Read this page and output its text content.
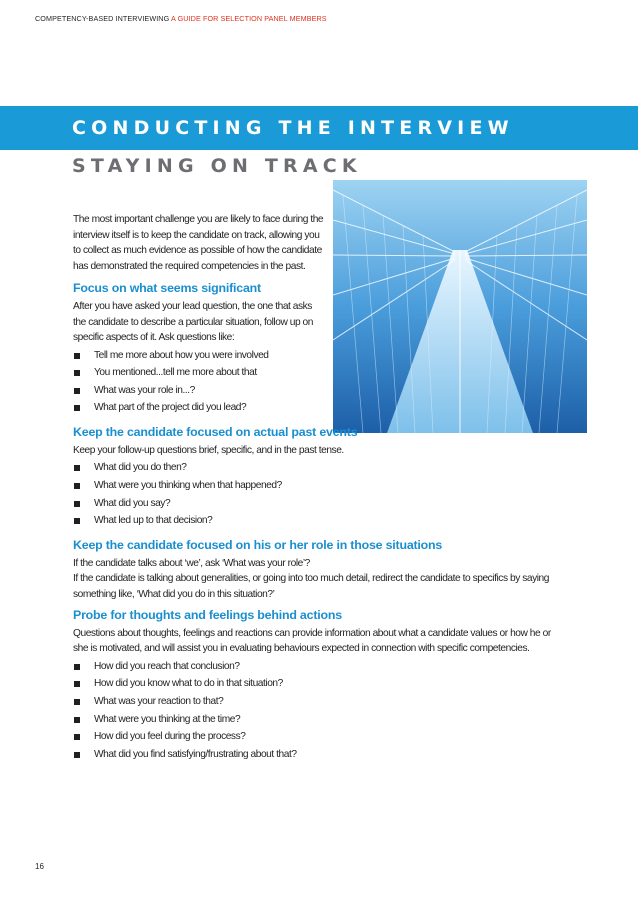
COMPETENCY-BASED INTERVIEWING A GUIDE FOR SELECTION PANEL MEMBERS
CONDUCTING THE INTERVIEW
STAYING ON TRACK
The most important challenge you are likely to face during the interview itself is to keep the candidate on track, allowing you to collect as much evidence as possible of how the candidate has demonstrated the required competencies in the past.
Focus on what seems significant

After you have asked your lead question, the one that asks the candidate to describe a particular situation, follow up on specific aspects of it. Ask questions like:

Tell me more about how you were involved
You mentioned...tell me more about that
What was your role in...?
What part of the project did you lead?
Keep the candidate focused on actual past events

Keep your follow-up questions brief, specific, and in the past tense.

What did you do then?
What were you thinking when that happened?
What did you say?
What led up to that decision?
Keep the candidate focused on his or her role in those situations

If the candidate talks about ‘we’, ask ‘What was your role’?

If the candidate is talking about generalities, or going into too much detail, redirect the candidate to specifics by saying something like, ‘What did you do in this situation?’

Probe for thoughts and feelings behind actions

Questions about thoughts, feelings and reactions can provide information about what a candidate values or how he or she is motivated, and will assist you in evaluating behaviours expected in connection with specific competencies.

How did you reach that conclusion?
How did you know what to do in that situation?
What was your reaction to that?
What were you thinking at the time?
How did you feel during the process?
What did you find satisfying/frustrating about that?
16
